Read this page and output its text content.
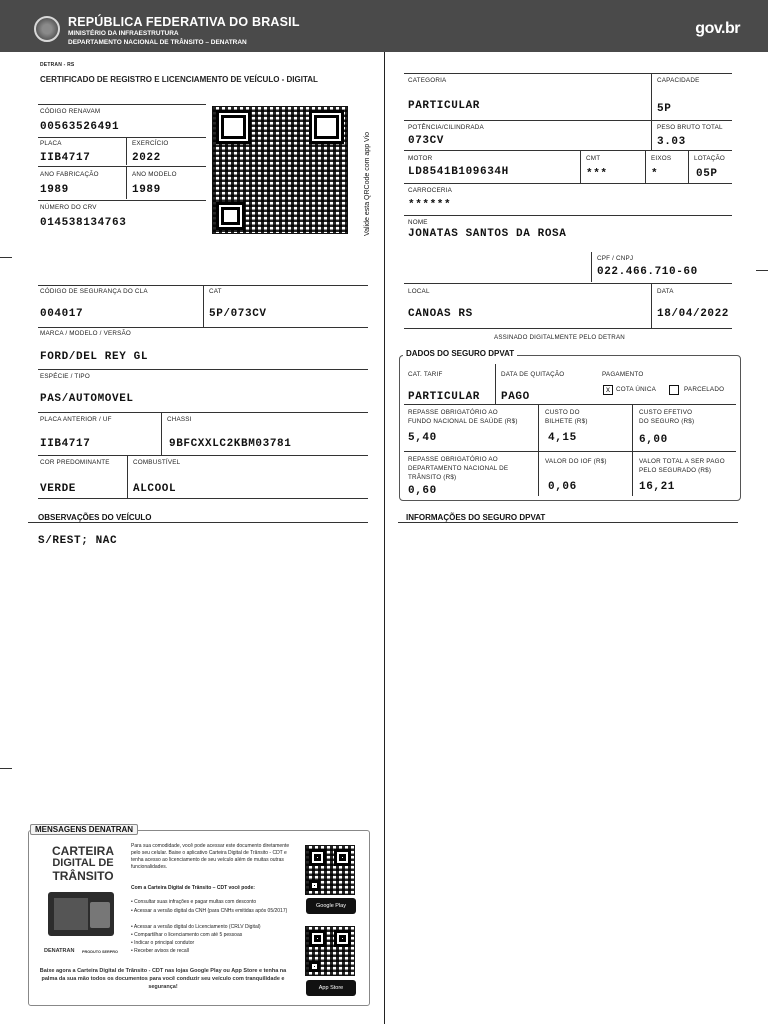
REPÚBLICA FEDERATIVA DO BRASIL
MINISTÉRIO DA INFRAESTRUTURA
DEPARTAMENTO NACIONAL DE TRÂNSITO – DENATRAN
gov.br
DETRAN - RS
CERTIFICADO DE REGISTRO E LICENCIAMENTO DE VEÍCULO - DIGITAL
CÓDIGO RENAVAM
00563526491
PLACA
IIB4717
EXERCÍCIO
2022
ANO FABRICAÇÃO
1989
ANO MODELO
1989
NÚMERO DO CRV
014538134763	Valide esta QRCode com app Vio
CÓDIGO DE SEGURANÇA DO CLA
004017
CAT
5P/073CV
MARCA / MODELO / VERSÃO
FORD/DEL REY GL
ESPÉCIE / TIPO
PAS/AUTOMOVEL
PLACA ANTERIOR / UF
IIB4717
CHASSI
9BFCXXLC2KBM03781
COR PREDOMINANTE
VERDE
COMBUSTÍVEL
ALCOOL
CATEGORIA
PARTICULAR
CAPACIDADE
5P
POTÊNCIA/CILINDRADA
073CV
PESO BRUTO TOTAL
3.03
MOTOR
LD8541B109634H
CMT
***
EIXOS
*
LOTAÇÃO
05P
CARROCERIA
******
NOME
JONATAS SANTOS DA ROSA
CPF / CNPJ
022.466.710-60
LOCAL
CANOAS RS
DATA
18/04/2022
ASSINADO DIGITALMENTE PELO DETRAN
DADOS DO SEGURO DPVAT
CAT. TARIF
PARTICULAR
DATA DE QUITAÇÃO
PAGO
PAGAMENTO
x COTA ÚNICA	PARCELADO
REPASSE OBRIGATÓRIO AO
FUNDO NACIONAL DE SAÚDE (R$)
5,40
CUSTO DO
BILHETE (R$)
4,15
CUSTO EFETIVO
DO SEGURO (R$)
6,00
REPASSE OBRIGATÓRIO AO
DEPARTAMENTO NACIONAL DE
TRÂNSITO (R$)
0,60
VALOR DO IOF (R$)
0,06
VALOR TOTAL A SER PAGO
PELO SEGURADO (R$)
16,21
OBSERVAÇÕES DO VEÍCULO
S/REST; NAC
INFORMAÇÕES DO SEGURO DPVAT
MENSAGENS DENATRAN
CARTEIRA
DIGITAL DE
TRÂNSITO
DENATRAN	PRODUTO SERPRO
Para sua comodidade, você pode acessar este documento diretamente pelo seu celular. Baixe o aplicativo Carteira Digital de Trânsito - CDT e tenha acesso ao licenciamento de seu veículo além de muitas outras funcionalidades.
Com a Carteira Digital de Trânsito – CDT você pode:
• Consultar suas infrações e pagar multas com desconto
• Acessar a versão digital da CNH (para CNHs emitidas após 05/2017)
• Acessar a versão digital do Licenciamento (CRLV Digital)
• Compartilhar o licenciamento com até 5 pessoas
• Indicar o principal condutor
• Receber avisos de recall
Google Play
App Store
Baixe agora a Carteira Digital de Trânsito - CDT nas lojas Google Play ou App Store e tenha na palma da sua mão todos os documentos para você conduzir seu veículo com tranquilidade e segurança!
